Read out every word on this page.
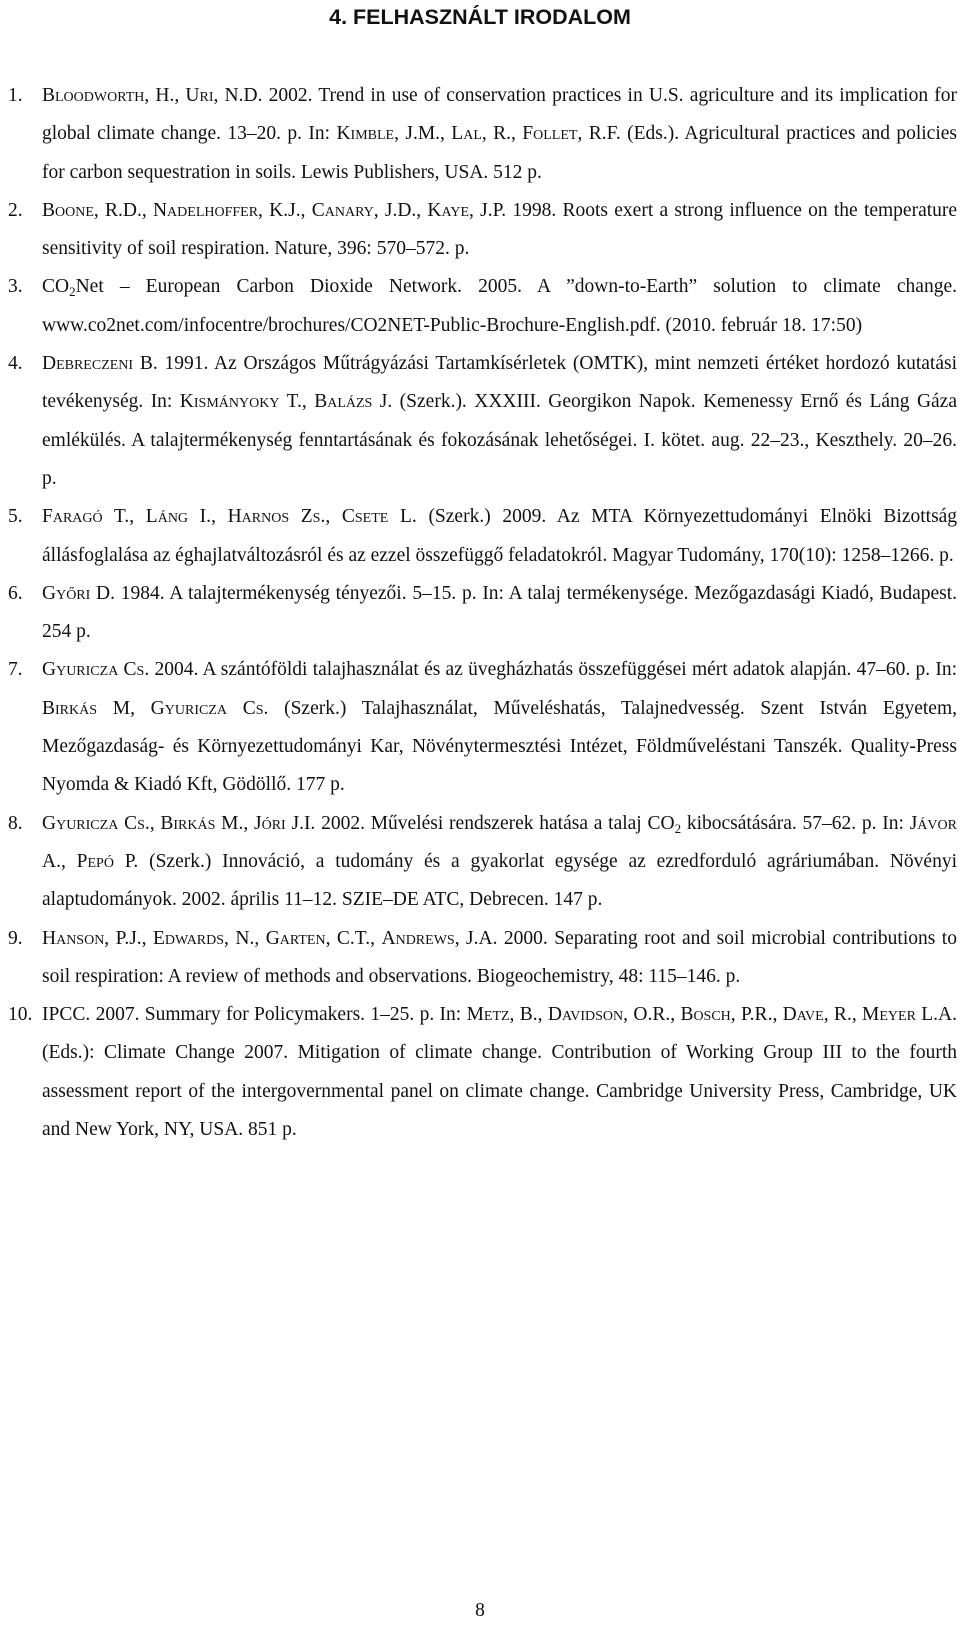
4. FELHASZNÁLT IRODALOM
1. Bloodworth, H., Uri, N.D. 2002. Trend in use of conservation practices in U.S. agriculture and its implication for global climate change. 13–20. p. In: Kimble, J.M., Lal, R., Follet, R.F. (Eds.). Agricultural practices and policies for carbon sequestration in soils. Lewis Publishers, USA. 512 p.
2. Boone, R.D., Nadelhoffer, K.J., Canary, J.D., Kaye, J.P. 1998. Roots exert a strong influence on the temperature sensitivity of soil respiration. Nature, 396: 570–572. p.
3. $CO_2Net$ – European Carbon Dioxide Network. 2005. A ”down-to-Earth” solution to climate change. www.co2net.com/infocentre/brochures/CO2NET-Public-Brochure-English.pdf. (2010. február 18. 17:50)
4. Debreczeni B. 1991. Az Országos Műtrágyázási Tartamkísérletek (OMTK), mint nemzeti értéket hordozó kutatási tevékenység. In: Kismányoky T., Balázs J. (Szerk.). XXXIII. Georgikon Napok. Kemenessy Ernő és Láng Gáza emlékülés. A talajtermékenység fenntartásának és fokozásának lehetőségei. I. kötet. aug. 22–23., Keszthely. 20–26. p.
5. Faragó T., Láng I., Harnos Zs., Csete L. (Szerk.) 2009. Az MTA Környezettudományi Elnöki Bizottság állásfoglalása az éghajlatváltozásról és az ezzel összefüggő feladatokról. Magyar Tudomány, 170(10): 1258–1266. p.
6. Győri D. 1984. A talajtermékenység tényezői. 5–15. p. In: A talaj termékenysége. Mezőgazdasági Kiadó, Budapest. 254 p.
7. Gyuricza Cs. 2004. A szántóföldi talajhasználat és az üvegházhatás összefüggései mért adatok alapján. 47–60. p. In: Birkás M, Gyuricza Cs. (Szerk.) Talajhasználat, Műveléshatás, Talajnedvesség. Szent István Egyetem, Mezőgazdaság- és Környezettudományi Kar, Növénytermesztési Intézet, Földműveléstani Tanszék. Quality-Press Nyomda & Kiadó Kft, Gödöllő. 177 p.
8. Gyuricza Cs., Birkás M., Jóri J.I. 2002. Művelési rendszerek hatása a talaj $CO_2$ kibocsátására. 57–62. p. In: Jávor A., Pepó P. (Szerk.) Innováció, a tudomány és a gyakorlat egysége az ezredforduló agráriumában. Növényi alaptudományok. 2002. április 11–12. SZIE–DE ATC, Debrecen. 147 p.
9. Hanson, P.J., Edwards, N., Garten, C.T., Andrews, J.A. 2000. Separating root and soil microbial contributions to soil respiration: A review of methods and observations. Biogeochemistry, 48: 115–146. p.
10. IPCC. 2007. Summary for Policymakers. 1–25. p. In: Metz, B., Davidson, O.R., Bosch, P.R., Dave, R., Meyer L.A. (Eds.): Climate Change 2007. Mitigation of climate change. Contribution of Working Group III to the fourth assessment report of the intergovernmental panel on climate change. Cambridge University Press, Cambridge, UK and New York, NY, USA. 851 p.
8
